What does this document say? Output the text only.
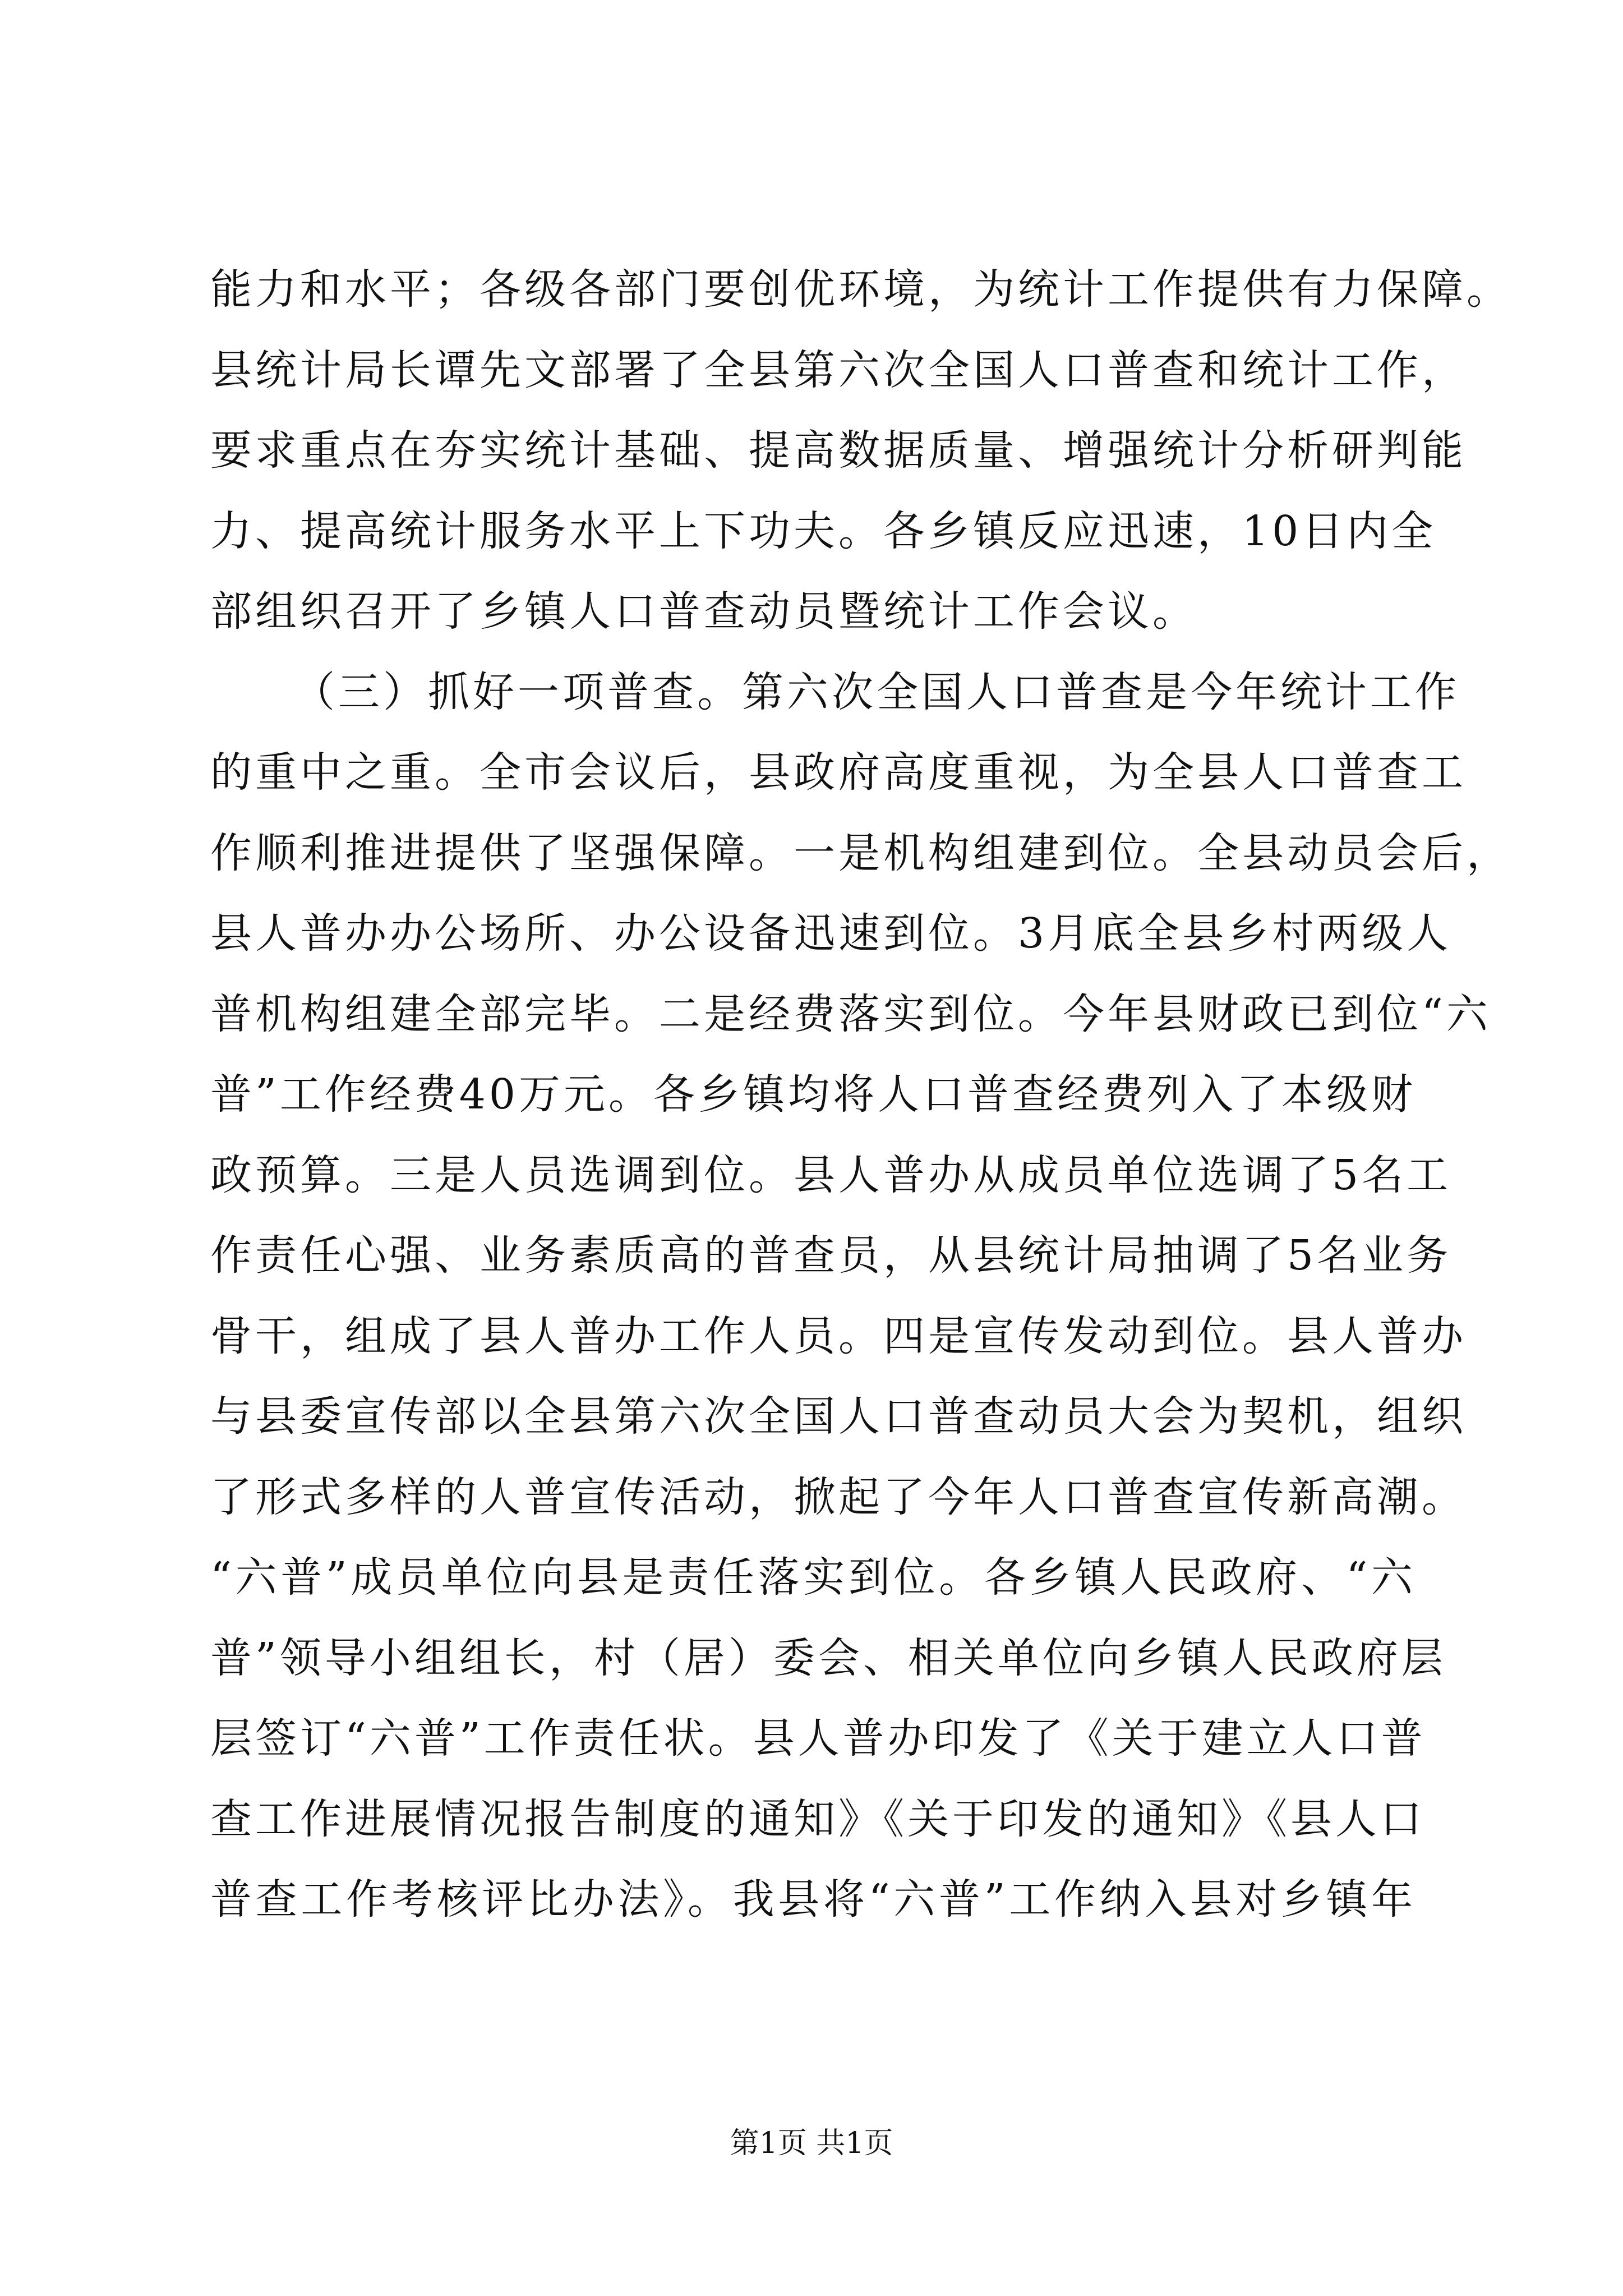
能力和水平；各级各部门要创优环境，为统计工作提供有力保障。
县统计局长谭先文部署了全县第六次全国人口普查和统计工作，
要求重点在夯实统计基础、提高数据质量、增强统计分析研判能
力、提高统计服务水平上下功夫。各乡镇反应迅速，10日内全
部组织召开了乡镇人口普查动员暨统计工作会议。
（三）抓好一项普查。第六次全国人口普查是今年统计工作
的重中之重。全市会议后，县政府高度重视，为全县人口普查工
作顺利推进提供了坚强保障。一是机构组建到位。全县动员会后，
县人普办办公场所、办公设备迅速到位。3月底全县乡村两级人
普机构组建全部完毕。二是经费落实到位。今年县财政已到位“六
普”工作经费40万元。各乡镇均将人口普查经费列入了本级财
政预算。三是人员选调到位。县人普办从成员单位选调了5名工
作责任心强、业务素质高的普查员，从县统计局抽调了5名业务
骨干，组成了县人普办工作人员。四是宣传发动到位。县人普办
与县委宣传部以全县第六次全国人口普查动员大会为契机，组织
了形式多样的人普宣传活动，掀起了今年人口普查宣传新高潮。
“六普”成员单位向县是责任落实到位。各乡镇人民政府、“六
普”领导小组组长，村（居）委会、相关单位向乡镇人民政府层
层签订“六普”工作责任状。县人普办印发了《关于建立人口普
查工作进展情况报告制度的通知》《关于印发的通知》《县人口
普查工作考核评比办法》。我县将“六普”工作纳入县对乡镇年
第1页 共1页
